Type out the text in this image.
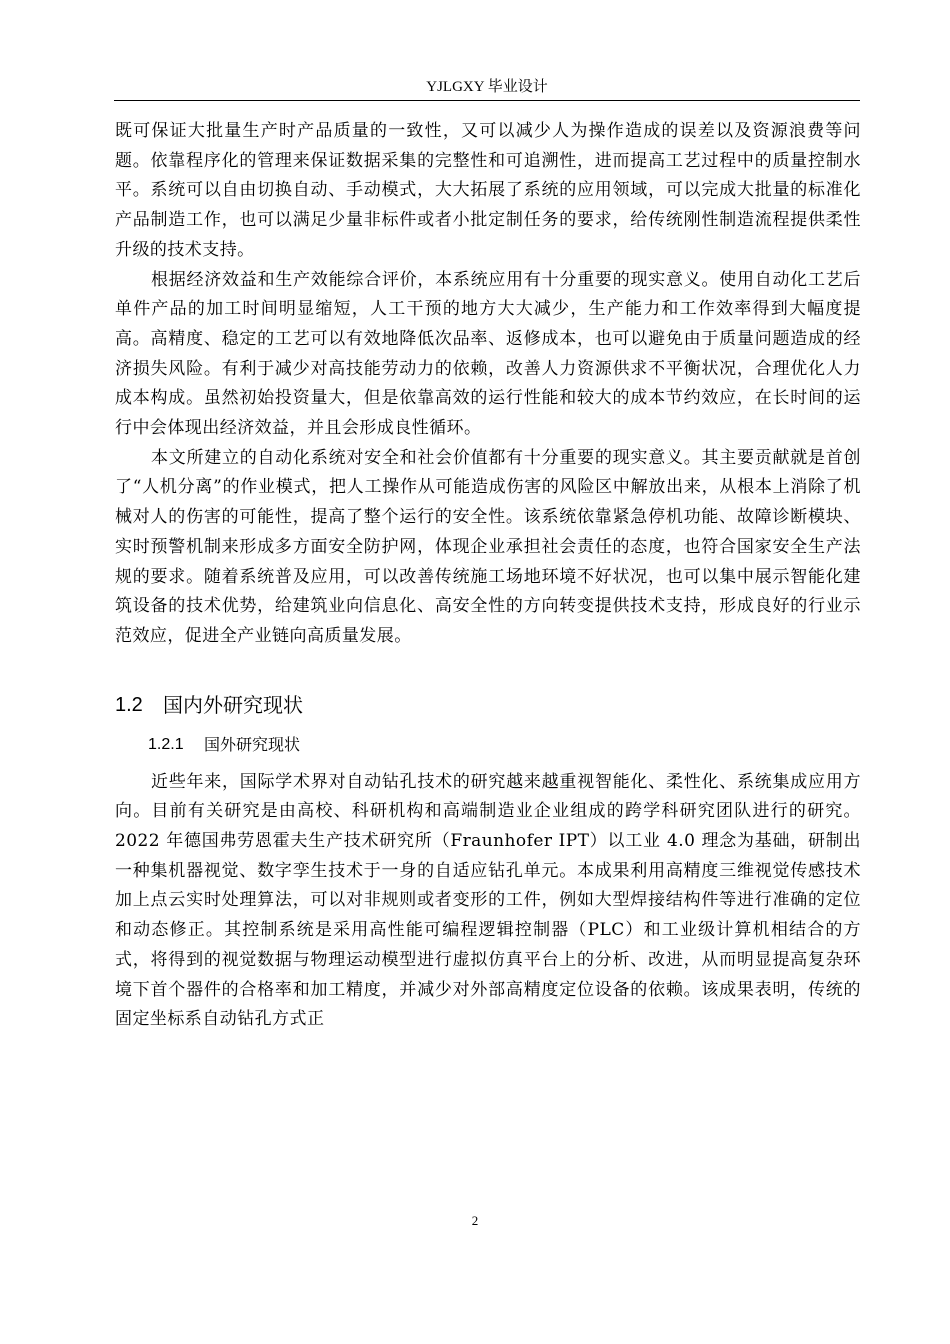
YJLGXY 毕业设计

既可保证大批量生产时产品质量的一致性，又可以减少人为操作造成的误差以及资源浪费等问题。依靠程序化的管理来保证数据采集的完整性和可追溯性，进而提高工艺过程中的质量控制水平。系统可以自由切换自动、手动模式，大大拓展了系统的应用领域，可以完成大批量的标准化产品制造工作，也可以满足少量非标件或者小批定制任务的要求，给传统刚性制造流程提供柔性升级的技术支持。

根据经济效益和生产效能综合评价，本系统应用有十分重要的现实意义。使用自动化工艺后单件产品的加工时间明显缩短，人工干预的地方大大减少，生产能力和工作效率得到大幅度提高。高精度、稳定的工艺可以有效地降低次品率、返修成本，也可以避免由于质量问题造成的经济损失风险。有利于减少对高技能劳动力的依赖，改善人力资源供求不平衡状况，合理优化人力成本构成。虽然初始投资量大，但是依靠高效的运行性能和较大的成本节约效应，在长时间的运行中会体现出经济效益，并且会形成良性循环。

本文所建立的自动化系统对安全和社会价值都有十分重要的现实意义。其主要贡献就是首创了“人机分离”的作业模式，把人工操作从可能造成伤害的风险区中解放出来，从根本上消除了机械对人的伤害的可能性，提高了整个运行的安全性。该系统依靠紧急停机功能、故障诊断模块、实时预警机制来形成多方面安全防护网，体现企业承担社会责任的态度，也符合国家安全生产法规的要求。随着系统普及应用，可以改善传统施工场地环境不好状况，也可以集中展示智能化建筑设备的技术优势，给建筑业向信息化、高安全性的方向转变提供技术支持，形成良好的行业示范效应，促进全产业链向高质量发展。

1.2	国内外研究现状
1.2.1	国外研究现状

近些年来，国际学术界对自动钻孔技术的研究越来越重视智能化、柔性化、系统集成应用方向。目前有关研究是由高校、科研机构和高端制造业企业组成的跨学科研究团队进行的研究。2022 年德国弗劳恩霍夫生产技术研究所（Fraunhofer IPT）以工业 4.0 理念为基础，研制出一种集机器视觉、数字孪生技术于一身的自适应钻孔单元。本成果利用高精度三维视觉传感技术加上点云实时处理算法，可以对非规则或者变形的工件，例如大型焊接结构件等进行准确的定位和动态修正。其控制系统是采用高性能可编程逻辑控制器（PLC）和工业级计算机相结合的方式，将得到的视觉数据与物理运动模型进行虚拟仿真平台上的分析、改进，从而明显提高复杂环境下首个器件的合格率和加工精度，并减少对外部高精度定位设备的依赖。该成果表明，传统的固定坐标系自动钻孔方式正

2
